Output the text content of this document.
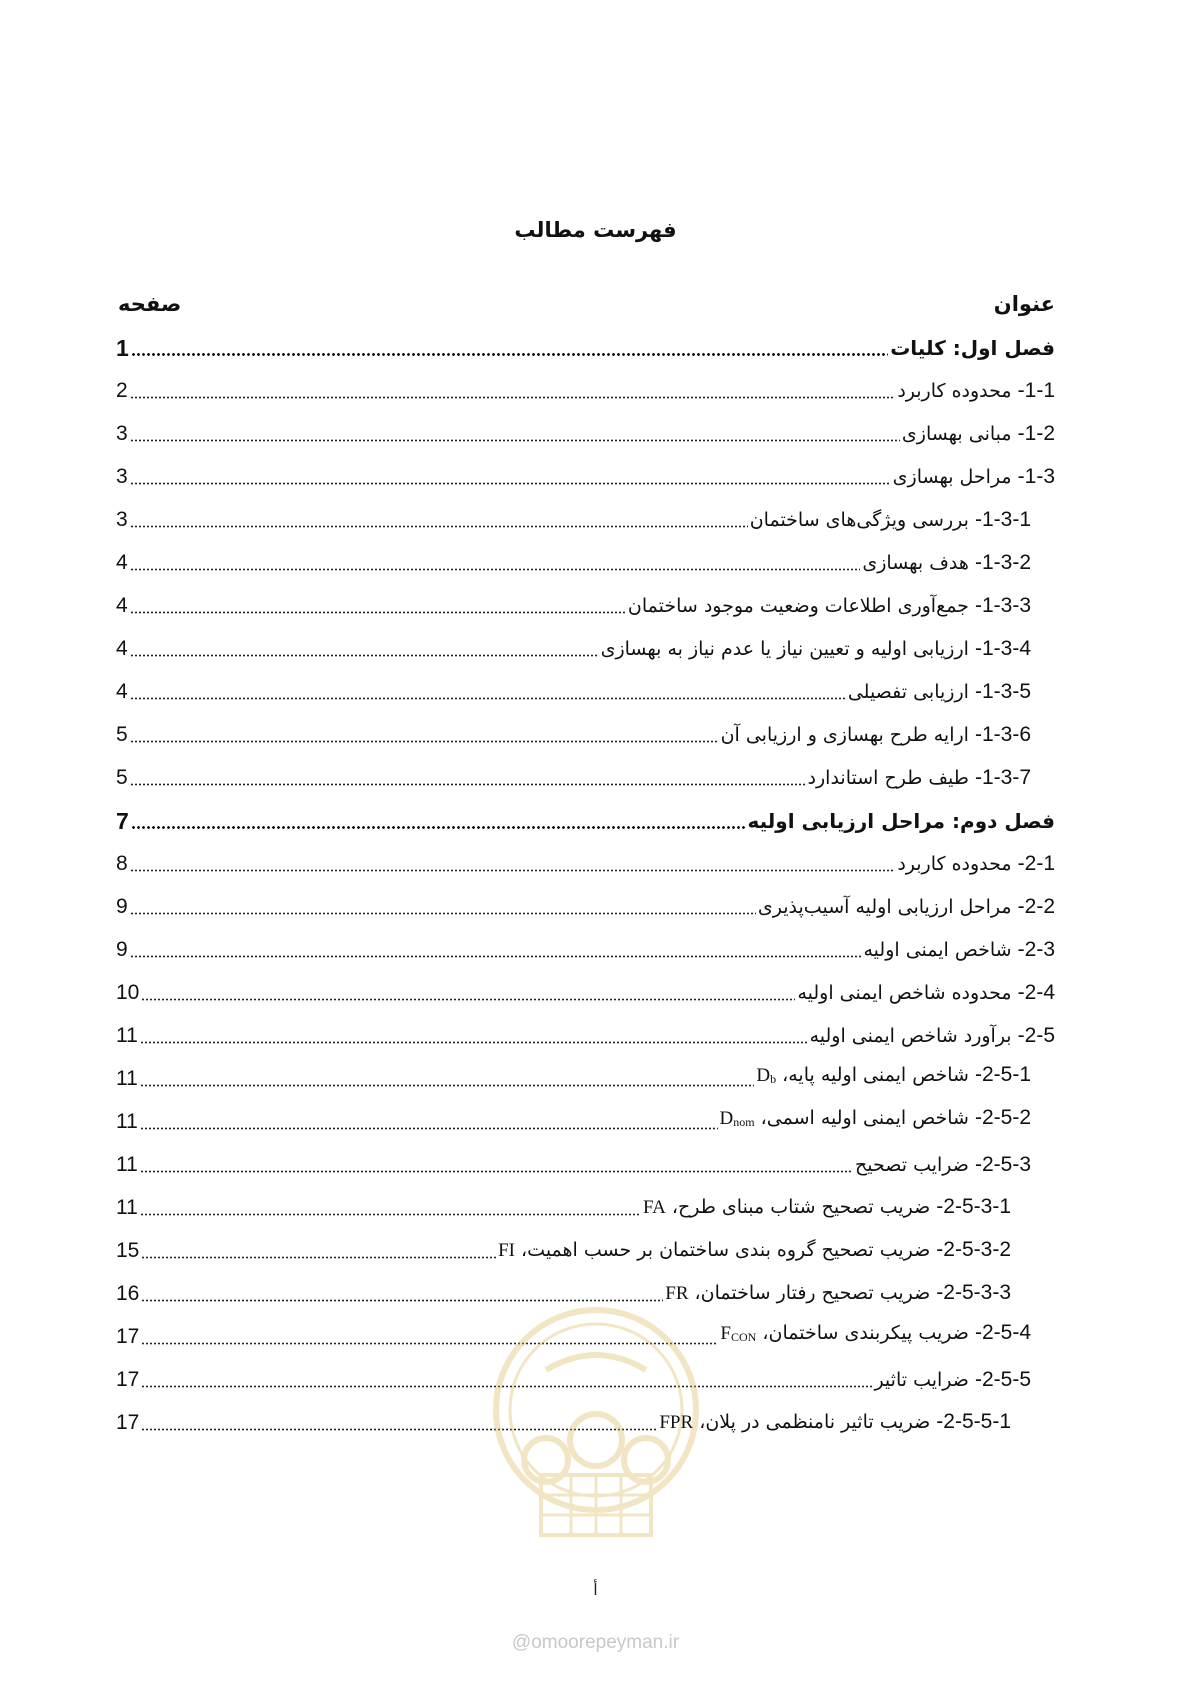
فهرست مطالب
عنوان
صفحه
فصل اول: کلیات
1
1-1- محدوده کاربرد
2
1-2- مبانی بهسازی
3
1-3- مراحل بهسازی
3
1-3-1- بررسی ویژگی‌های ساختمان
3
1-3-2- هدف بهسازی
4
1-3-3- جمع‌آوری اطلاعات وضعیت موجود ساختمان
4
1-3-4- ارزیابی اولیه و تعیین نیاز یا عدم نیاز به بهسازی
4
1-3-5- ارزیابی تفصیلی
4
1-3-6- ارایه طرح بهسازی و ارزیابی آن
5
1-3-7- طیف طرح استاندارد
5
فصل دوم: مراحل ارزیابی اولیه
7
2-1- محدوده کاربرد
8
2-2- مراحل ارزیابی اولیه آسیب‌پذیری
9
2-3- شاخص ایمنی اولیه
9
2-4- محدوده شاخص ایمنی اولیه
10
2-5- برآورد شاخص ایمنی اولیه
11
2-5-1- شاخص ایمنی اولیه پایه، $D_b$
11
2-5-2- شاخص ایمنی اولیه اسمی، $D_{nom}$
11
2-5-3- ضرایب تصحیح
11
2-5-3-1- ضریب تصحیح شتاب مبنای طرح، FA
11
2-5-3-2- ضریب تصحیح گروه بندی ساختمان بر حسب اهمیت، FI
15
2-5-3-3- ضریب تصحیح رفتار ساختمان، FR
16
2-5-4- ضریب پیکربندی ساختمان، $F_{CON}$
17
2-5-5- ضرایب تاثیر
17
2-5-5-1- ضریب تاثیر نامنظمی در پلان، FPR
17
أ
@omoorepeyman.ir
